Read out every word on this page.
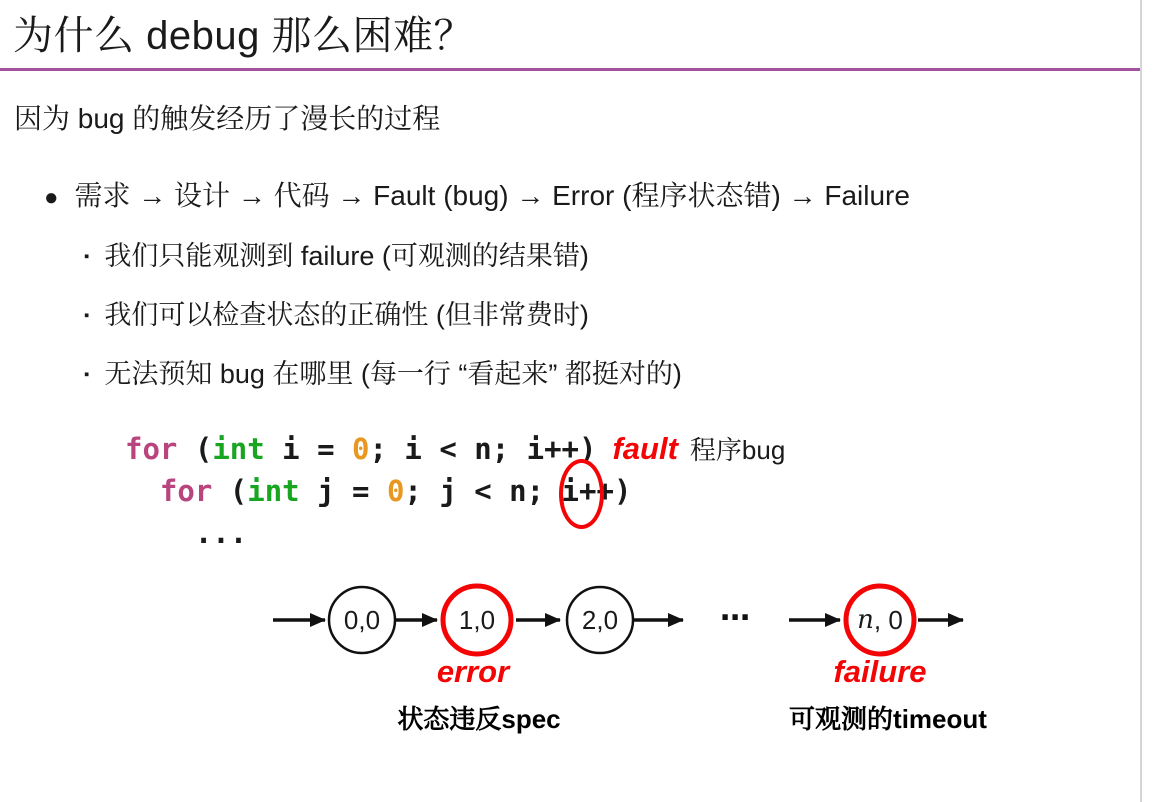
为什么 debug 那么困难？

因为 bug 的触发经历了漫长的过程

● 需求 → 设计 → 代码 → Fault (bug) → Error (程序状态错) → Failure
▪ 我们只能观测到 failure (可观测的结果错)
▪ 我们可以检查状态的正确性 (但非常费时)
▪ 无法预知 bug 在哪里 (每一行 “看起来” 都挺对的)
for (int i = 0; i < n; i++) fault 程序bug
for (int j = 0; j < n; i++)
...
0,0	1,0	2,0	⋯	n, 0
error	failure
状态违反spec	可观测的timeout
